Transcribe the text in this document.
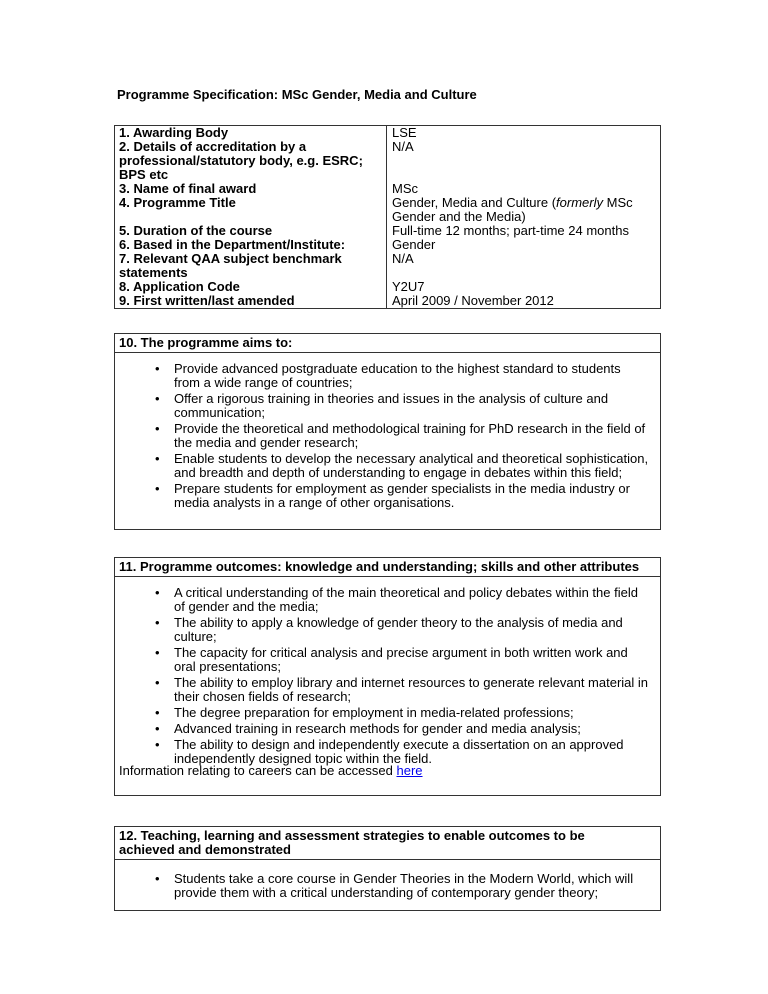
Programme Specification: MSc Gender, Media and Culture
1. Awarding Body
2. Details of accreditation by a professional/statutory body, e.g. ESRC; BPS etc
3. Name of final award
4. Programme Title
5. Duration of the course
6. Based in the Department/Institute:
7. Relevant QAA subject benchmark statements
8. Application Code
9. First written/last amended
LSE
N/A
MSc
Gender, Media and Culture (formerly MSc Gender and the Media)
Full-time 12 months; part-time 24 months
Gender
N/A
Y2U7
April 2009 / November 2012
10. The programme aims to:
• Provide advanced postgraduate education to the highest standard to students from a wide range of countries;
• Offer a rigorous training in theories and issues in the analysis of culture and communication;
• Provide the theoretical and methodological training for PhD research in the field of the media and gender research;
• Enable students to develop the necessary analytical and theoretical sophistication, and breadth and depth of understanding to engage in debates within this field;
• Prepare students for employment as gender specialists in the media industry or media analysts in a range of other organisations.
11. Programme outcomes: knowledge and understanding; skills and other attributes
• A critical understanding of the main theoretical and policy debates within the field of gender and the media;
• The ability to apply a knowledge of gender theory to the analysis of media and culture;
• The capacity for critical analysis and precise argument in both written work and oral presentations;
• The ability to employ library and internet resources to generate relevant material in their chosen fields of research;
• The degree preparation for employment in media-related professions;
• Advanced training in research methods for gender and media analysis;
• The ability to design and independently execute a dissertation on an approved independently designed topic within the field.
Information relating to careers can be accessed here
12. Teaching, learning and assessment strategies to enable outcomes to be achieved and demonstrated
• Students take a core course in Gender Theories in the Modern World, which will provide them with a critical understanding of contemporary gender theory;
